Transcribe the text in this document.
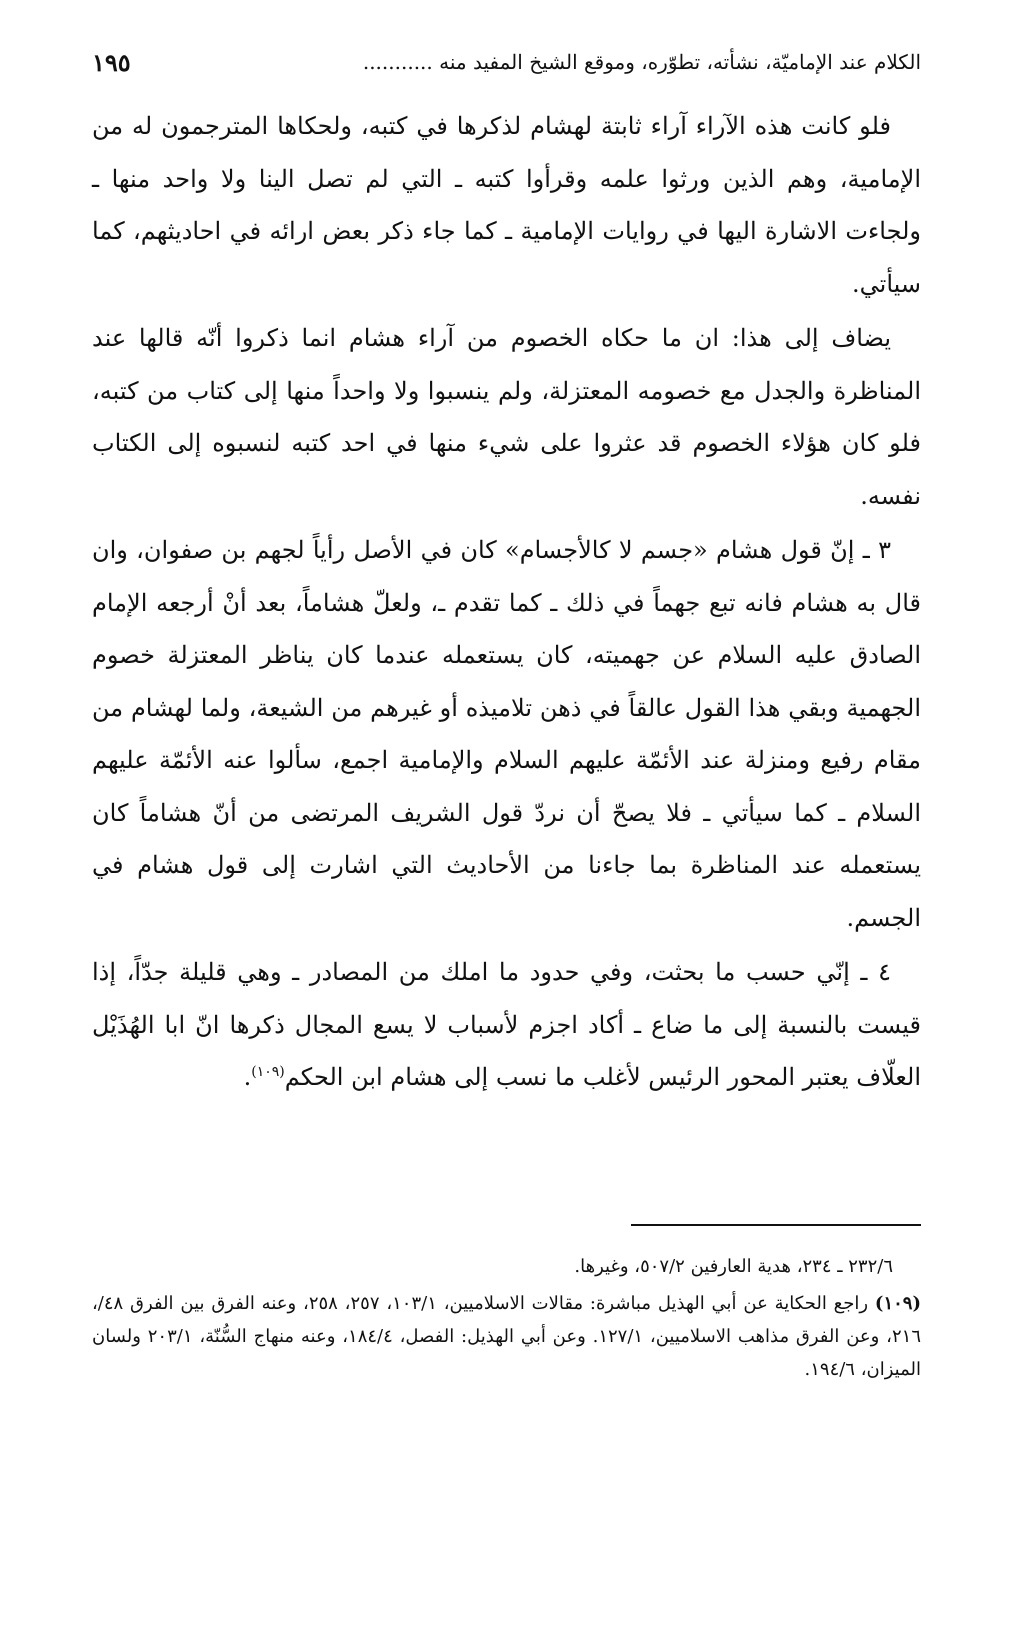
الكلام عند الإماميّة، نشأته، تطوّره، وموقع الشيخ المفيد منه ...........
١٩٥

فلو كانت هذه الآراء آراء ثابتة لهشام لذكرها في كتبه، ولحكاها المترجمون له من الإمامية، وهم الذين ورثوا علمه وقرأوا كتبه ـ التي لم تصل الينا ولا واحد منها ـ ولجاءت الاشارة اليها في روايات الإمامية ـ كما جاء ذكر بعض ارائه في احاديثهم، كما سيأتي.

يضاف إلى هذا: ان ما حكاه الخصوم من آراء هشام انما ذكروا أنّه قالها عند المناظرة والجدل مع خصومه المعتزلة، ولم ينسبوا ولا واحداً منها إلى كتاب من كتبه، فلو كان هؤلاء الخصوم قد عثروا على شيء منها في احد كتبه لنسبوه إلى الكتاب نفسه.

٣ ـ إنّ قول هشام «جسم لا كالأجسام» كان في الأصل رأياً لجهم بن صفوان، وان قال به هشام فانه تبع جهماً في ذلك ـ كما تقدم ـ، ولعلّ هشاماً، بعد أنْ أرجعه الإمام الصادق عليه السلام عن جهميته، كان يستعمله عندما كان يناظر المعتزلة خصوم الجهمية وبقي هذا القول عالقاً في ذهن تلاميذه أو غيرهم من الشيعة، ولما لهشام من مقام رفيع ومنزلة عند الأئمّة عليهم السلام والإمامية اجمع، سألوا عنه الأئمّة عليهم السلام ـ كما سيأتي ـ فلا يصحّ أن نردّ قول الشريف المرتضى من أنّ هشاماً كان يستعمله عند المناظرة بما جاءنا من الأحاديث التي اشارت إلى قول هشام في الجسم.

٤ ـ إنّي حسب ما بحثت، وفي حدود ما املك من المصادر ـ وهي قليلة جدّاً، إذا قيست بالنسبة إلى ما ضاع ـ أكاد اجزم لأسباب لا يسع المجال ذكرها انّ ابا الهُذَيْل العلّاف يعتبر المحور الرئيس لأغلب ما نسب إلى هشام ابن الحكم$^{(١٠٩)}$.

٢٣٢/٦ ـ ٢٣٤، هدية العارفين ٥٠٧/٢، وغيرها.

(١٠٩) راجع الحكاية عن أبي الهذيل مباشرة: مقالات الاسلاميين، ١٠٣/١، ٢٥٧، ٢٥٨، وعنه الفرق بين الفرق ٤٨/، ٢١٦، وعن الفرق مذاهب الاسلاميين، ١٢٧/١. وعن أبي الهذيل: الفصل، ١٨٤/٤، وعنه منهاج السُّنّة، ٢٠٣/١ ولسان الميزان، ١٩٤/٦.
